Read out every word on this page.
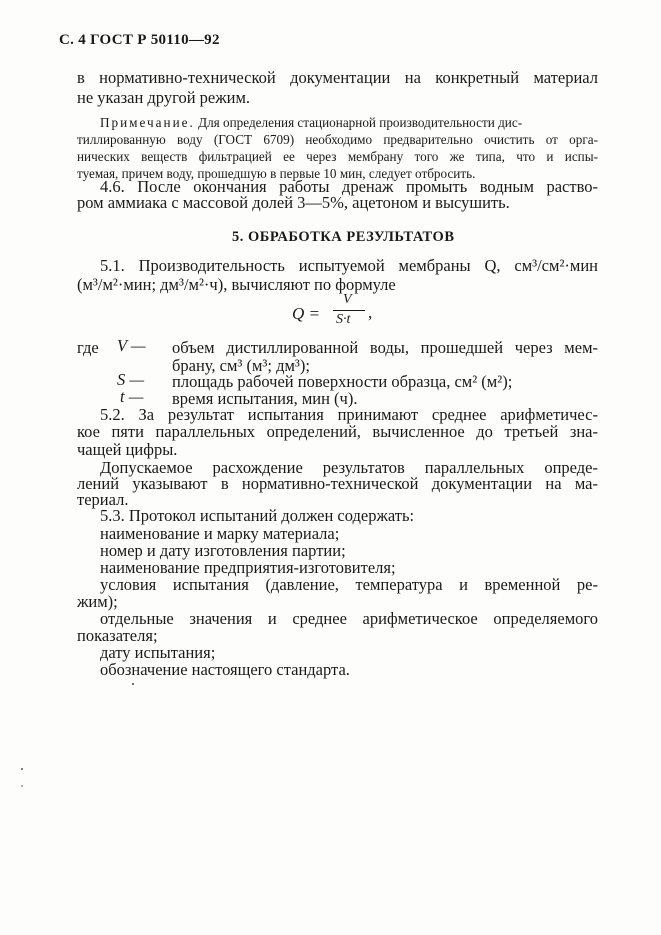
С. 4 ГОСТ Р 50110—92
в нормативно-технической документации на конкретный материал
не указан другой режим.
Примечание. Для определения стационарной производительности дис-
тиллированную воду (ГОСТ 6709) необходимо предварительно очистить от орга-
нических веществ фильтрацией ее через мембрану того же типа, что и испы-
туемая, причем воду, прошедшую в первые 10 мин, следует отбросить.
4.6. После окончания работы дренаж промыть водным раство-
ром аммиака с массовой долей 3—5%, ацетоном и высушить.
5. ОБРАБОТКА РЕЗУЛЬТАТОВ
5.1. Производительность испытуемой мембраны Q, см³/см²·мин
(м³/м²·мин; дм³/м²·ч), вычисляют по формуле
Q =
V
S·t ,
где V — объем дистиллированной воды, прошедшей через мем-
брану, см³ (м³; дм³);
S — площадь рабочей поверхности образца, см² (м²);
t — время испытания, мин (ч).
5.2. За результат испытания принимают среднее арифметичес-
кое пяти параллельных определений, вычисленное до третьей зна-
чащей цифры.
Допускаемое расхождение результатов параллельных опреде-
лений указывают в нормативно-технической документации на ма-
териал.
5.3. Протокол испытаний должен содержать:
наименование и марку материала;
номер и дату изготовления партии;
наименование предприятия-изготовителя;
условия испытания (давление, температура и временной ре-
жим);
отдельные значения и среднее арифметическое определяемого
показателя;
дату испытания;
обозначение настоящего стандарта.
